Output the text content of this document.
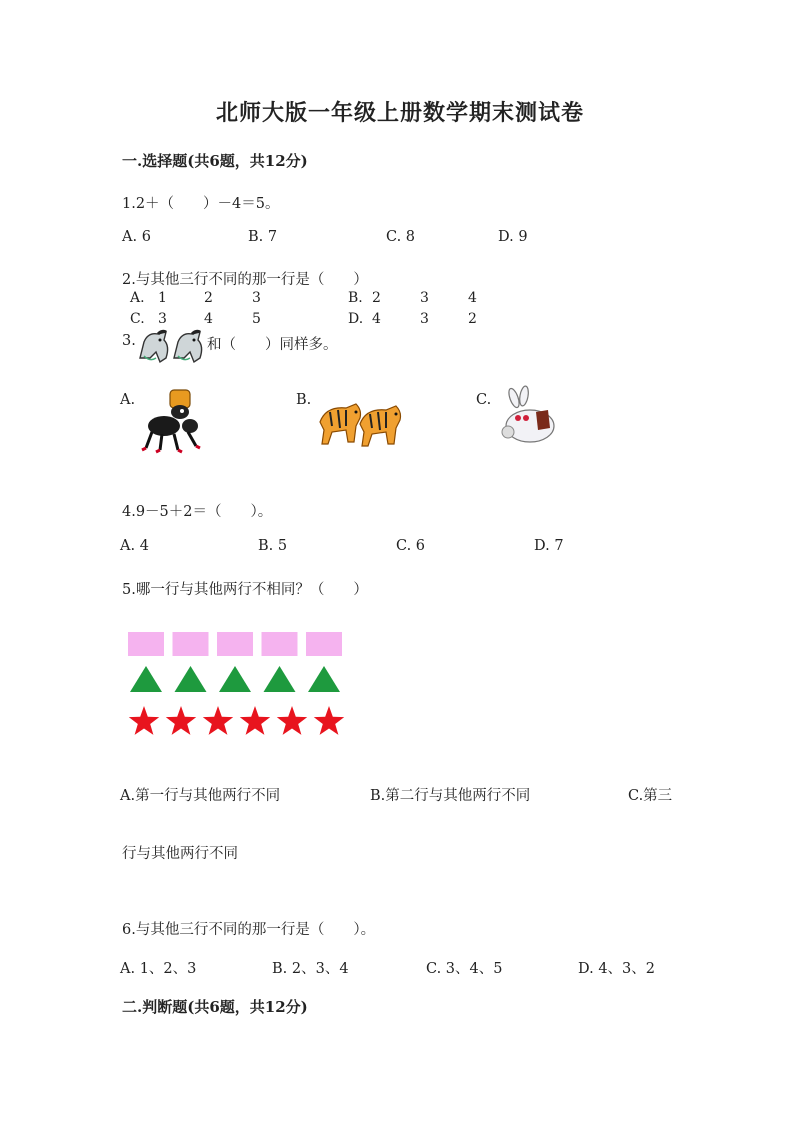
北师大版一年级上册数学期末测试卷
一.选择题(共6题，共12分)
1.2＋（　　）－4＝5。
A. 6	B. 7	C. 8	D. 9
2.与其他三行不同的那一行是（　　）
A. 1	2	3	B. 2	3	4
C. 3	4	5	D. 4	3	2
3.	和（　　）同样多。
A.	B.	C.
4.9－5＋2＝（　　）。
A. 4	B. 5	C. 6	D. 7
5.哪一行与其他两行不相同？（　　）
A.第一行与其他两行不同	B.第二行与其他两行不同	C.第三
行与其他两行不同
6.与其他三行不同的那一行是（　　）。
A. 1、2、3	B. 2、3、4	C. 3、4、5	D. 4、3、2
二.判断题(共6题，共12分)
